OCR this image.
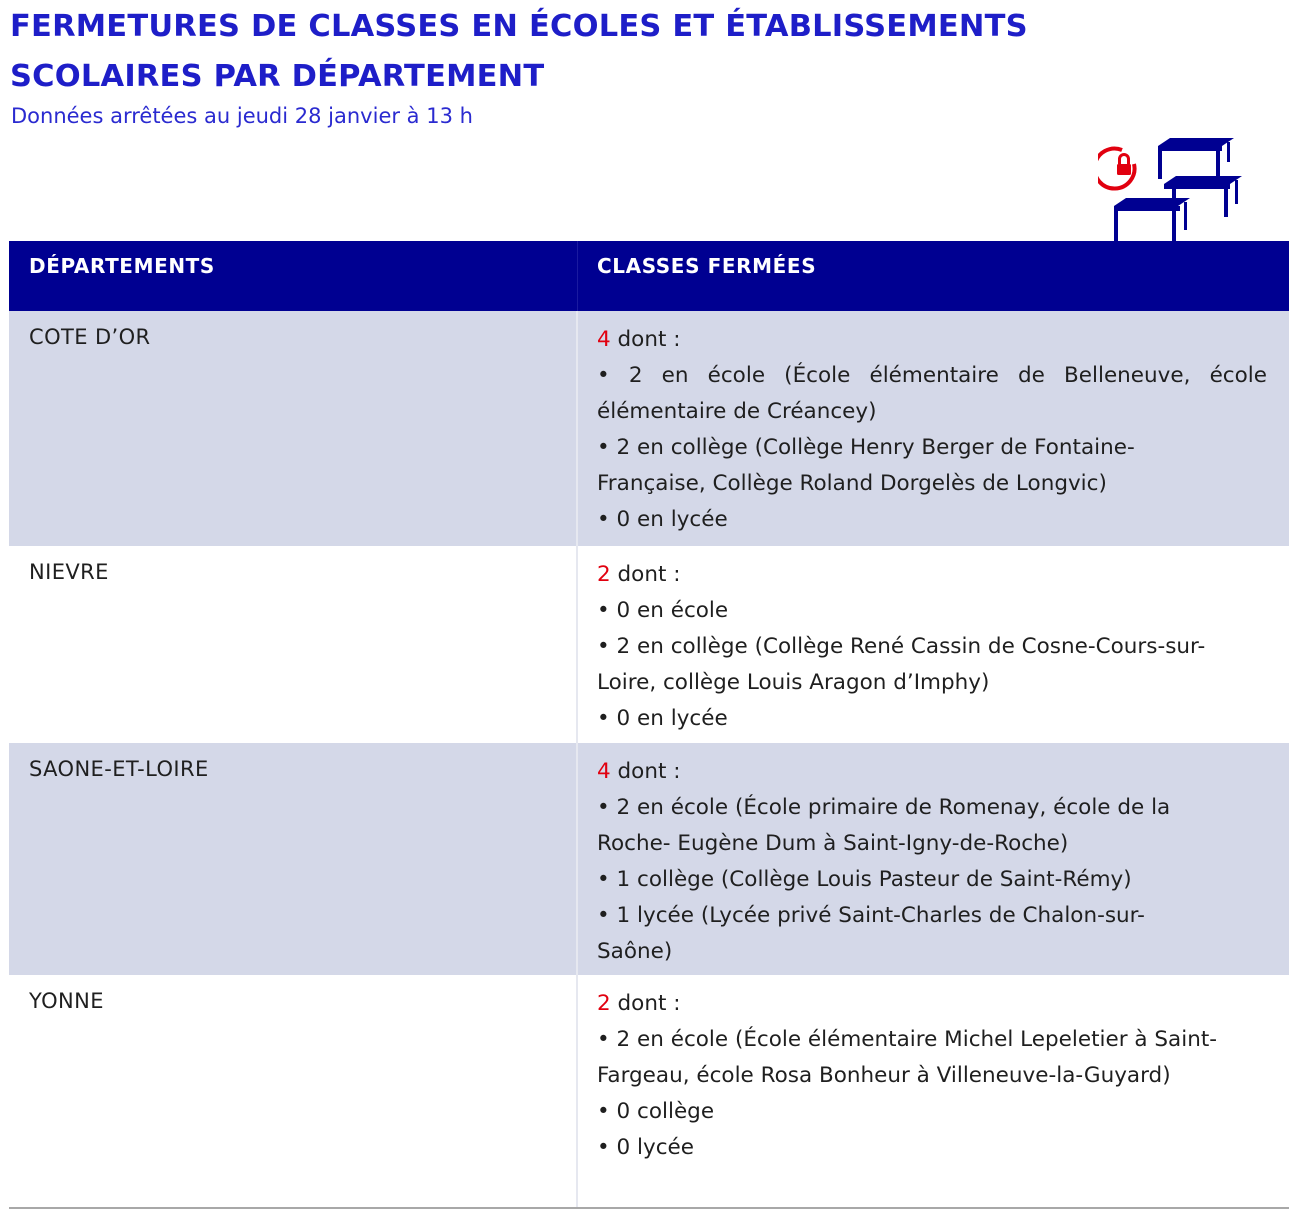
FERMETURES DE CLASSES EN ÉCOLES ET ÉTABLISSEMENTS
SCOLAIRES PAR DÉPARTEMENT

Données arrêtées au jeudi 28 janvier à 13 h

DÉPARTEMENTS	CLASSES FERMÉES
COTE D’OR	4 dont :
• 2 en école (École élémentaire de Belleneuve, école élémentaire de Créancey)
• 2 en collège (Collège Henry Berger de Fontaine-Française, Collège Roland Dorgelès de Longvic)
• 0 en lycée
NIEVRE	2 dont :
• 0 en école
• 2 en collège (Collège René Cassin de Cosne-Cours-sur-Loire, collège Louis Aragon d’Imphy)
• 0 en lycée
SAONE-ET-LOIRE	4 dont :
• 2 en école (École primaire de Romenay, école de la Roche- Eugène Dum à Saint-Igny-de-Roche)
• 1 collège (Collège Louis Pasteur de Saint-Rémy)
• 1 lycée (Lycée privé Saint-Charles de Chalon-sur-Saône)
YONNE	2 dont :
• 2 en école (École élémentaire Michel Lepeletier à Saint-Fargeau, école Rosa Bonheur à Villeneuve-la-Guyard)
• 0 collège
• 0 lycée
